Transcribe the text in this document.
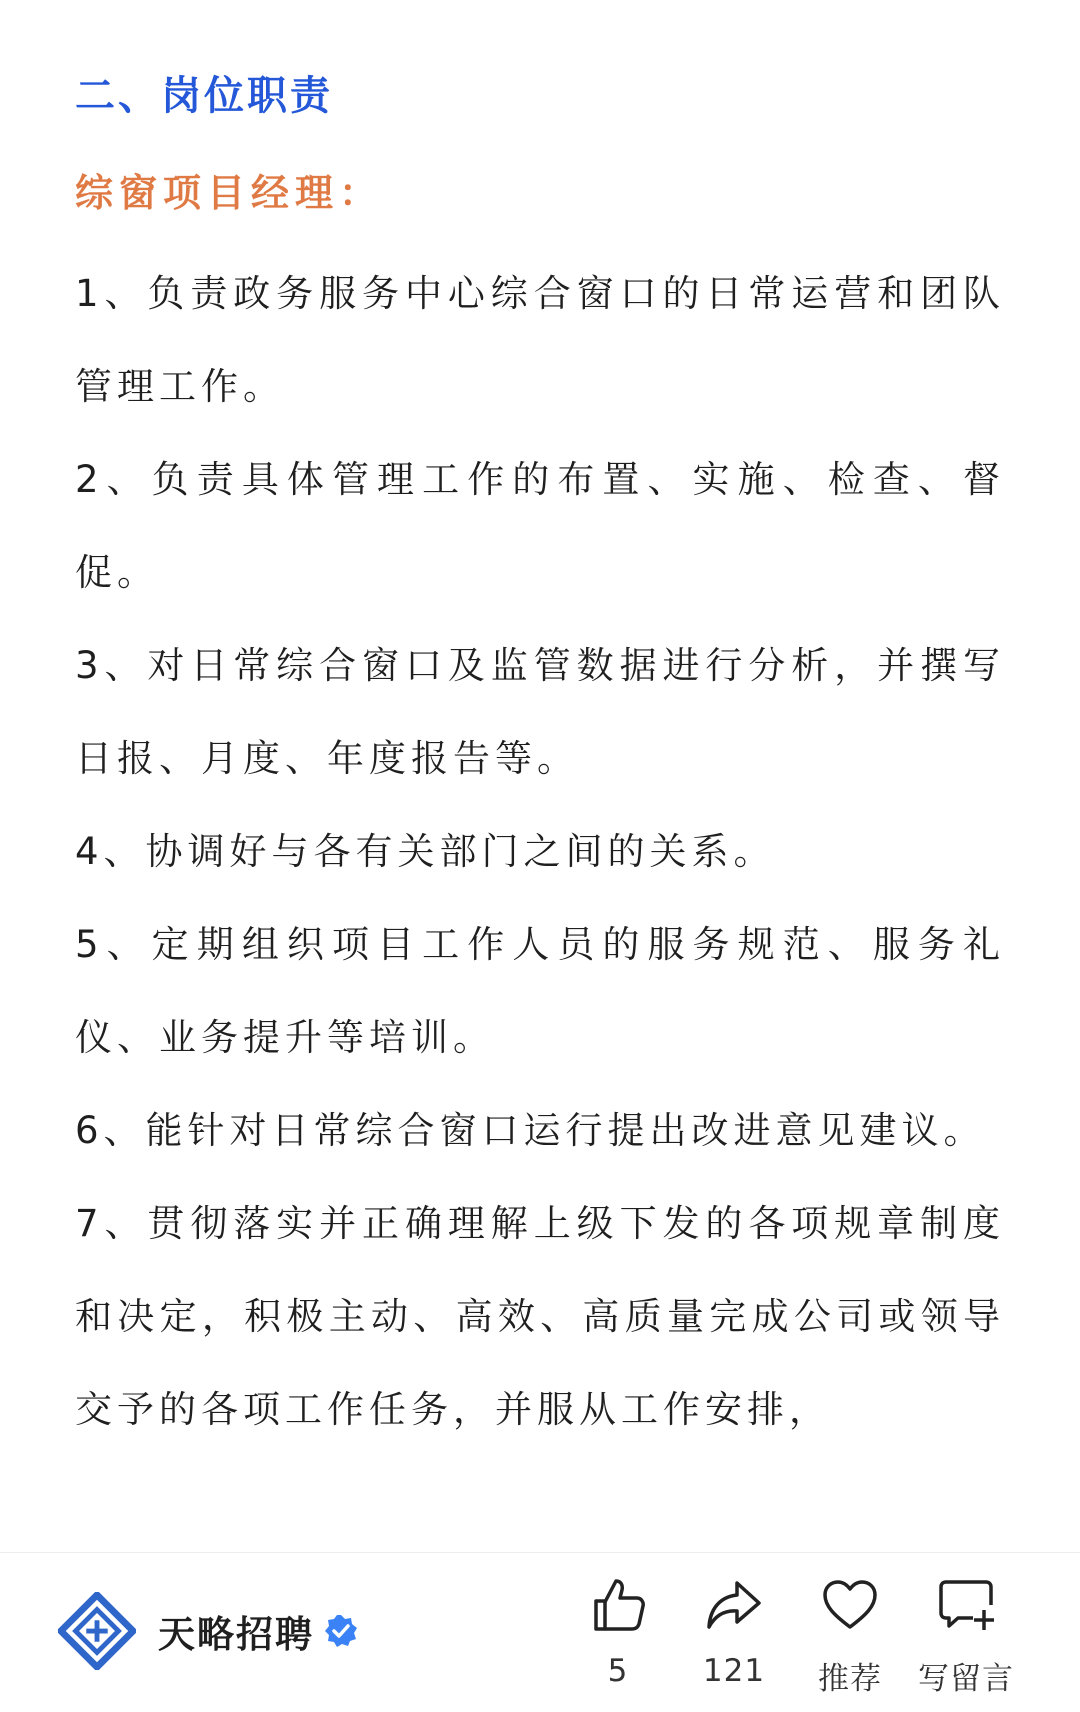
二、岗位职责
综窗项目经理：
1、负责政务服务中心综合窗口的日常运营和团队管理工作。
2、负责具体管理工作的布置、实施、检查、督促。
3、对日常综合窗口及监管数据进行分析，并撰写日报、月度、年度报告等。
4、协调好与各有关部门之间的关系。
5、定期组织项目工作人员的服务规范、服务礼仪、业务提升等培训。
6、能针对日常综合窗口运行提出改进意见建议。
7、贯彻落实并正确理解上级下发的各项规章制度和决定，积极主动、高效、高质量完成公司或领导交予的各项工作任务，并服从工作安排，
天略招聘
5	121	推荐	写留言
